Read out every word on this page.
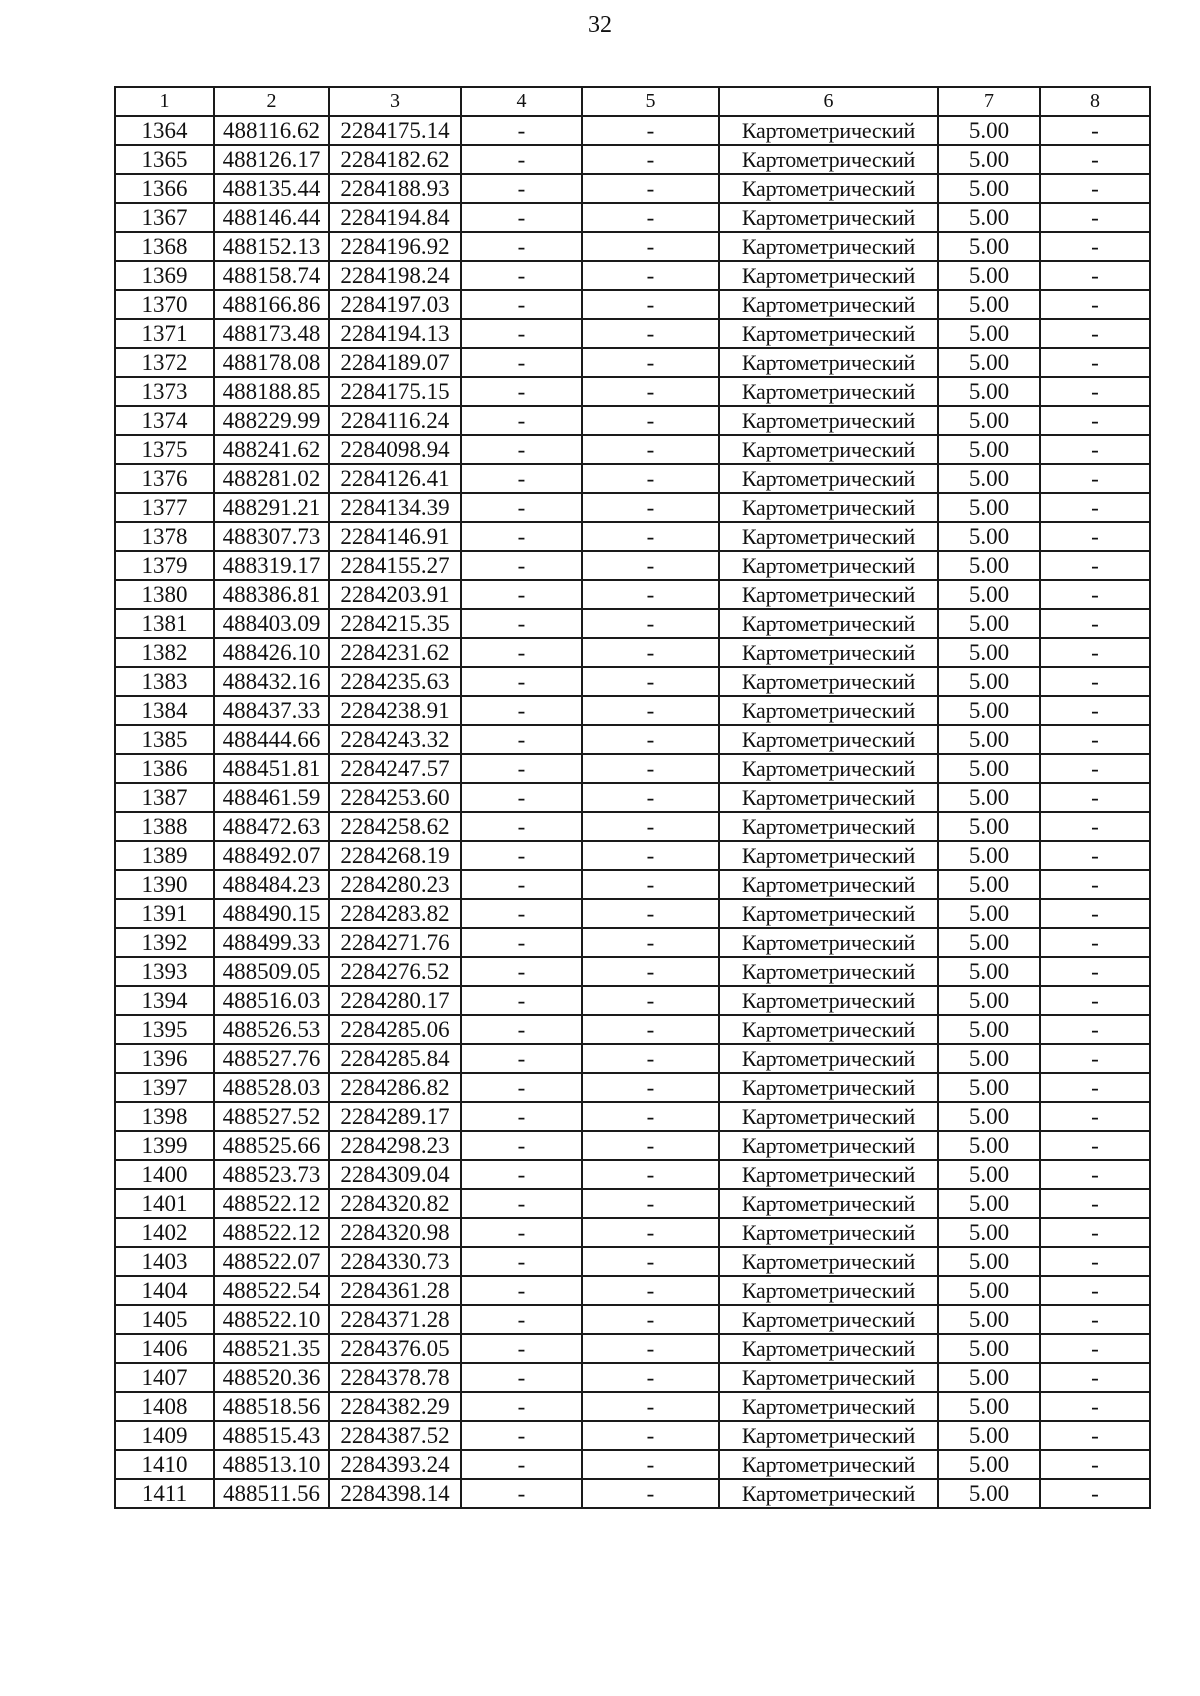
32
1	2	3	4	5	6	7	8
1364	488116.62	2284175.14	-	-	Картометрический	5.00	-
1365	488126.17	2284182.62	-	-	Картометрический	5.00	-
1366	488135.44	2284188.93	-	-	Картометрический	5.00	-
1367	488146.44	2284194.84	-	-	Картометрический	5.00	-
1368	488152.13	2284196.92	-	-	Картометрический	5.00	-
1369	488158.74	2284198.24	-	-	Картометрический	5.00	-
1370	488166.86	2284197.03	-	-	Картометрический	5.00	-
1371	488173.48	2284194.13	-	-	Картометрический	5.00	-
1372	488178.08	2284189.07	-	-	Картометрический	5.00	-
1373	488188.85	2284175.15	-	-	Картометрический	5.00	-
1374	488229.99	2284116.24	-	-	Картометрический	5.00	-
1375	488241.62	2284098.94	-	-	Картометрический	5.00	-
1376	488281.02	2284126.41	-	-	Картометрический	5.00	-
1377	488291.21	2284134.39	-	-	Картометрический	5.00	-
1378	488307.73	2284146.91	-	-	Картометрический	5.00	-
1379	488319.17	2284155.27	-	-	Картометрический	5.00	-
1380	488386.81	2284203.91	-	-	Картометрический	5.00	-
1381	488403.09	2284215.35	-	-	Картометрический	5.00	-
1382	488426.10	2284231.62	-	-	Картометрический	5.00	-
1383	488432.16	2284235.63	-	-	Картометрический	5.00	-
1384	488437.33	2284238.91	-	-	Картометрический	5.00	-
1385	488444.66	2284243.32	-	-	Картометрический	5.00	-
1386	488451.81	2284247.57	-	-	Картометрический	5.00	-
1387	488461.59	2284253.60	-	-	Картометрический	5.00	-
1388	488472.63	2284258.62	-	-	Картометрический	5.00	-
1389	488492.07	2284268.19	-	-	Картометрический	5.00	-
1390	488484.23	2284280.23	-	-	Картометрический	5.00	-
1391	488490.15	2284283.82	-	-	Картометрический	5.00	-
1392	488499.33	2284271.76	-	-	Картометрический	5.00	-
1393	488509.05	2284276.52	-	-	Картометрический	5.00	-
1394	488516.03	2284280.17	-	-	Картометрический	5.00	-
1395	488526.53	2284285.06	-	-	Картометрический	5.00	-
1396	488527.76	2284285.84	-	-	Картометрический	5.00	-
1397	488528.03	2284286.82	-	-	Картометрический	5.00	-
1398	488527.52	2284289.17	-	-	Картометрический	5.00	-
1399	488525.66	2284298.23	-	-	Картометрический	5.00	-
1400	488523.73	2284309.04	-	-	Картометрический	5.00	-
1401	488522.12	2284320.82	-	-	Картометрический	5.00	-
1402	488522.12	2284320.98	-	-	Картометрический	5.00	-
1403	488522.07	2284330.73	-	-	Картометрический	5.00	-
1404	488522.54	2284361.28	-	-	Картометрический	5.00	-
1405	488522.10	2284371.28	-	-	Картометрический	5.00	-
1406	488521.35	2284376.05	-	-	Картометрический	5.00	-
1407	488520.36	2284378.78	-	-	Картометрический	5.00	-
1408	488518.56	2284382.29	-	-	Картометрический	5.00	-
1409	488515.43	2284387.52	-	-	Картометрический	5.00	-
1410	488513.10	2284393.24	-	-	Картометрический	5.00	-
1411	488511.56	2284398.14	-	-	Картометрический	5.00	-
